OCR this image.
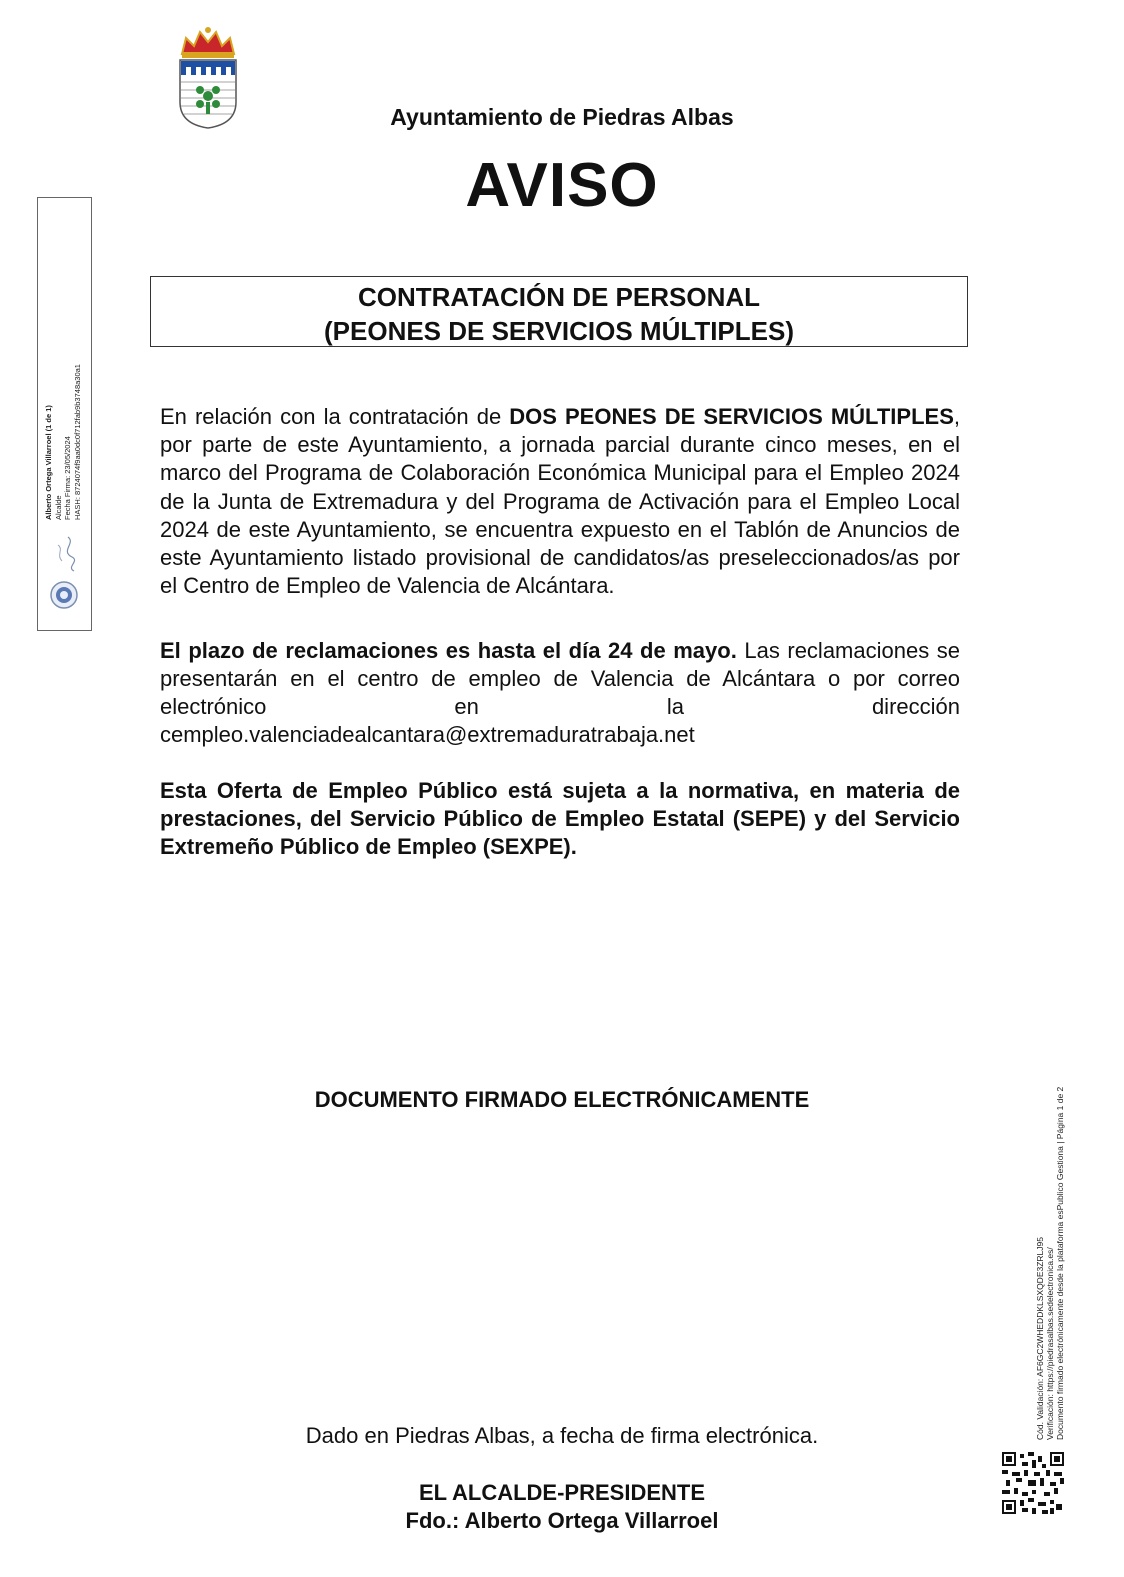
Ayuntamiento de Piedras Albas
AVISO
CONTRATACIÓN DE PERSONAL
(PEONES DE SERVICIOS MÚLTIPLES)
En relación con la contratación de DOS PEONES DE SERVICIOS MÚLTIPLES, por parte de este Ayuntamiento, a jornada parcial durante cinco meses, en el marco del Programa de Colaboración Económica Municipal para el Empleo 2024 de la Junta de Extremadura y del Programa de Activación para el Empleo Local 2024 de este Ayuntamiento, se encuentra expuesto en el Tablón de Anuncios de este Ayuntamiento listado provisional de candidatos/as preseleccionados/as por el Centro de Empleo de Valencia de Alcántara.
El plazo de reclamaciones es hasta el día 24 de mayo. Las reclamaciones se presentarán en el centro de empleo de Valencia de Alcántara o por correo electrónico en la dirección
cempleo.valenciadealcantara@extremaduratrabaja.net
Esta Oferta de Empleo Público está sujeta a la normativa, en materia de prestaciones, del Servicio Público de Empleo Estatal (SEPE) y del Servicio Extremeño Público de Empleo (SEXPE).
DOCUMENTO FIRMADO ELECTRÓNICAMENTE
Dado en Piedras Albas, a fecha de firma electrónica.
EL ALCALDE-PRESIDENTE
Fdo.: Alberto Ortega Villarroel
Alberto Ortega Villarroel (1 de 1) Alcalde Fecha Firma: 23/05/2024 HASH: 8724074f9aa0dc0f712fab9b3748a30a1
Cód. Validación: AF6GC2WHEDDKLSXQDE3ZRLJ95 Verificación: https://piedrasalbas.sedelectronica.es/ Documento firmado electrónicamente desde la plataforma esPublico Gestiona | Página 1 de 2
